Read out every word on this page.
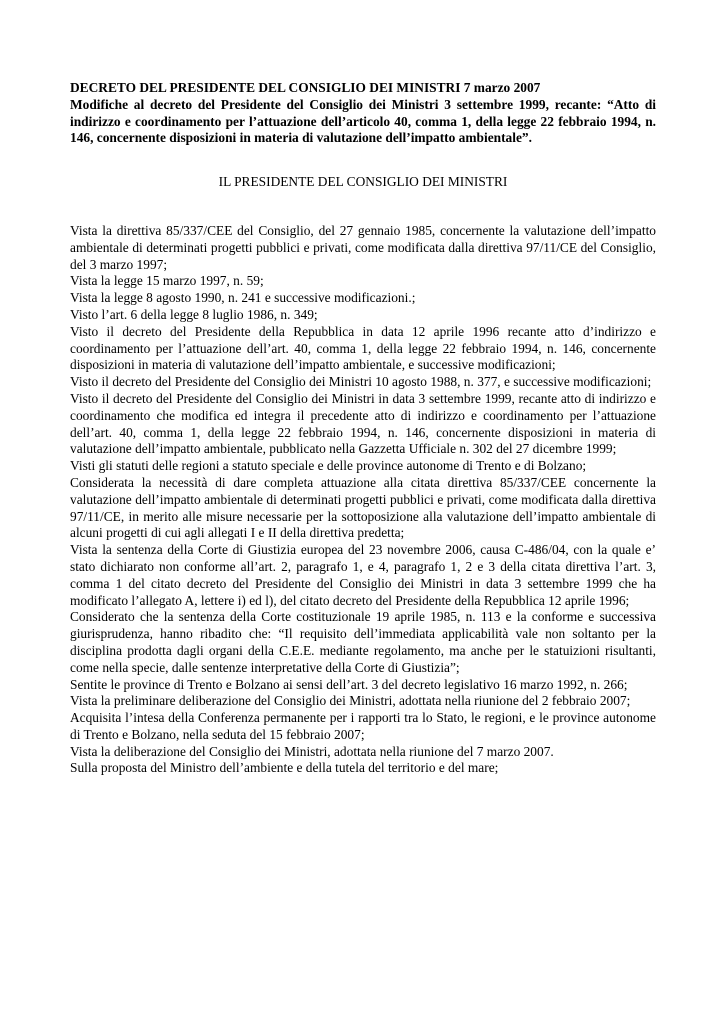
DECRETO DEL PRESIDENTE DEL CONSIGLIO DEI MINISTRI 7 marzo 2007

Modifiche al decreto del Presidente del Consiglio dei Ministri 3 settembre 1999, recante: “Atto di indirizzo e coordinamento per l’attuazione dell’articolo 40, comma 1, della legge 22 febbraio 1994, n. 146, concernente disposizioni in materia di valutazione dell’impatto ambientale”.

IL PRESIDENTE DEL CONSIGLIO DEI MINISTRI

Vista la direttiva 85/337/CEE del Consiglio, del 27 gennaio 1985, concernente la valutazione dell’impatto ambientale di determinati progetti pubblici e privati, come modificata dalla direttiva 97/11/CE del Consiglio, del 3 marzo 1997;

Vista la legge 15 marzo 1997, n. 59;

Vista la legge 8 agosto 1990, n. 241 e successive modificazioni.;

Visto l’art. 6 della legge 8 luglio 1986, n. 349;

Visto il decreto del Presidente della Repubblica in data 12 aprile 1996 recante atto d’indirizzo e coordinamento per l’attuazione dell’art. 40, comma 1, della legge 22 febbraio 1994, n. 146, concernente disposizioni in materia di valutazione dell’impatto ambientale, e successive modificazioni;

Visto il decreto del Presidente del Consiglio dei Ministri 10 agosto 1988, n. 377, e successive modificazioni;

Visto il decreto del Presidente del Consiglio dei Ministri in data 3 settembre 1999, recante atto di indirizzo e coordinamento che modifica ed integra il precedente atto di indirizzo e coordinamento per l’attuazione dell’art. 40, comma 1, della legge 22 febbraio 1994, n. 146, concernente disposizioni in materia di valutazione dell’impatto ambientale, pubblicato nella Gazzetta Ufficiale n. 302 del 27 dicembre 1999;

Visti gli statuti delle regioni a statuto speciale e delle province autonome di Trento e di Bolzano;

Considerata la necessità di dare completa attuazione alla citata direttiva 85/337/CEE concernente la valutazione dell’impatto ambientale di determinati progetti pubblici e privati, come modificata dalla direttiva 97/11/CE, in merito alle misure necessarie per la sottoposizione alla valutazione dell’impatto ambientale di alcuni progetti di cui agli allegati I e II della direttiva predetta;

Vista la sentenza della Corte di Giustizia europea del 23 novembre 2006, causa C-486/04, con la quale e’ stato dichiarato non conforme all’art. 2, paragrafo 1, e 4, paragrafo 1, 2 e 3 della citata direttiva l’art. 3, comma 1 del citato decreto del Presidente del Consiglio dei Ministri in data 3 settembre 1999 che ha modificato l’allegato A, lettere i) ed l), del citato decreto del Presidente della Repubblica 12 aprile 1996;

Considerato che la sentenza della Corte costituzionale 19 aprile 1985, n. 113 e la conforme e successiva giurisprudenza, hanno ribadito che: “Il requisito dell’immediata applicabilità vale non soltanto per la disciplina prodotta dagli organi della C.E.E. mediante regolamento, ma anche per le statuizioni risultanti, come nella specie, dalle sentenze interpretative della Corte di Giustizia”;

Sentite le province di Trento e Bolzano ai sensi dell’art. 3 del decreto legislativo 16 marzo 1992, n. 266;

Vista la preliminare deliberazione del Consiglio dei Ministri, adottata nella riunione del 2 febbraio 2007;

Acquisita l’intesa della Conferenza permanente per i rapporti tra lo Stato, le regioni, e le province autonome di Trento e Bolzano, nella seduta del 15 febbraio 2007;

Vista la deliberazione del Consiglio dei Ministri, adottata nella riunione del 7 marzo 2007.

Sulla proposta del Ministro dell’ambiente e della tutela del territorio e del mare;
